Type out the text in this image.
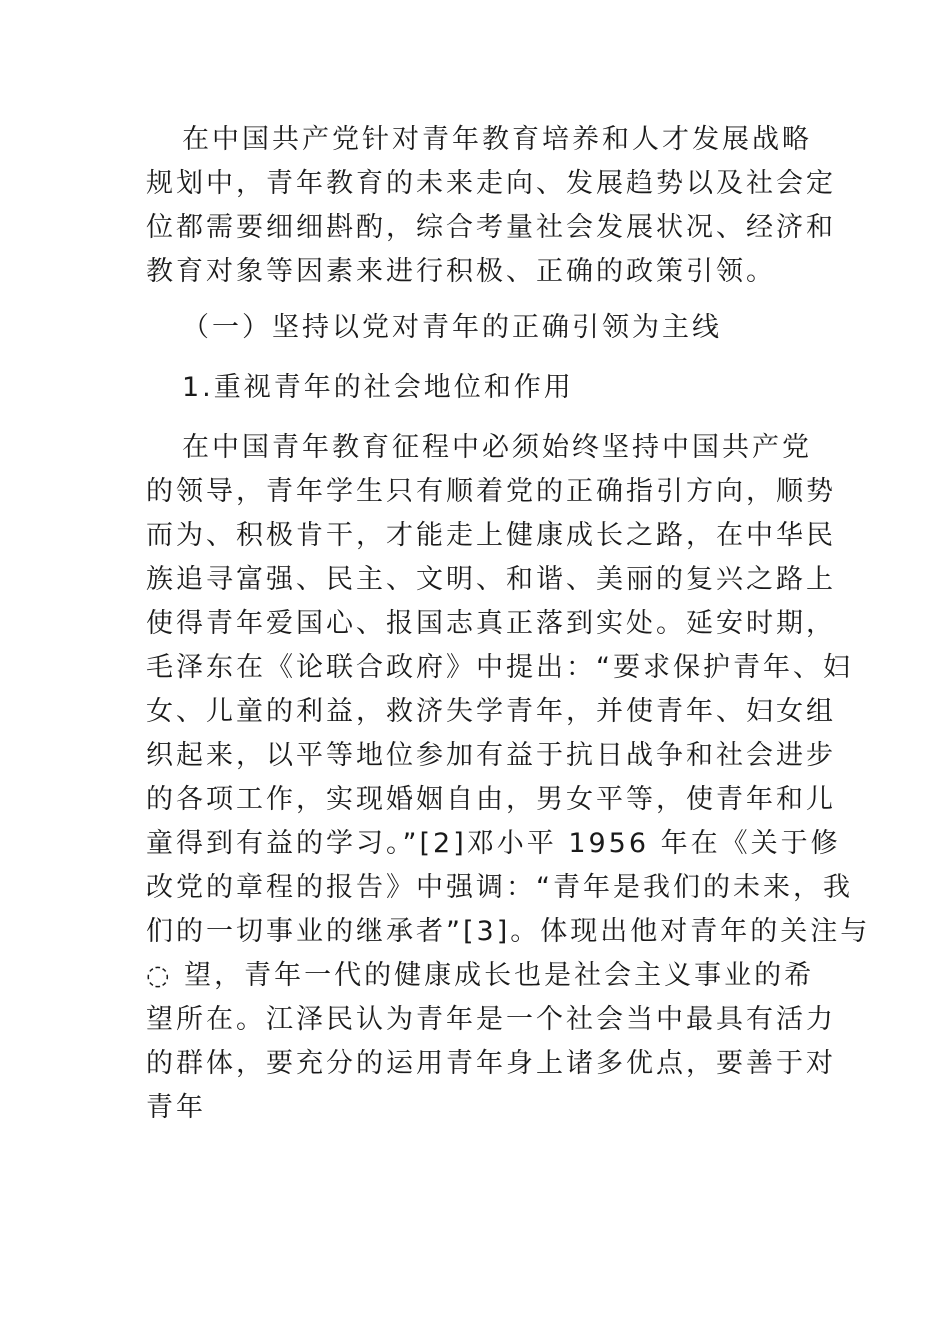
在中国共产党针对青年教育培养和人才发展战略
规划中，青年教育的未来走向、发展趋势以及社会定
位都需要细细斟酌，综合考量社会发展状况、经济和
教育对象等因素来进行积极、正确的政策引领。
（一）坚持以党对青年的正确引领为主线
1.重视青年的社会地位和作用
在中国青年教育征程中必须始终坚持中国共产党
的领导，青年学生只有顺着党的正确指引方向，顺势
而为、积极肯干，才能走上健康成长之路，在中华民
族追寻富强、民主、文明、和谐、美丽的复兴之路上
使得青年爱国心、报国志真正落到实处。延安时期，
毛泽东在《论联合政府》中提出：“要求保护青年、妇
女、儿童的利益，救济失学青年，并使青年、妇女组
织起来，以平等地位参加有益于抗日战争和社会进步
的各项工作，实现婚姻自由，男女平等，使青年和儿
童得到有益的学习。”[2]邓小平 1956 年在《关于修
改党的章程的报告》中强调：“青年是我们的未来，我
们的一切事业的继承者”[3]。体现出他对青年的关注与
◌ 望，青年一代的健康成长也是社会主义事业的希
望所在。江泽民认为青年是一个社会当中最具有活力
的群体，要充分的运用青年身上诸多优点，要善于对
青年
